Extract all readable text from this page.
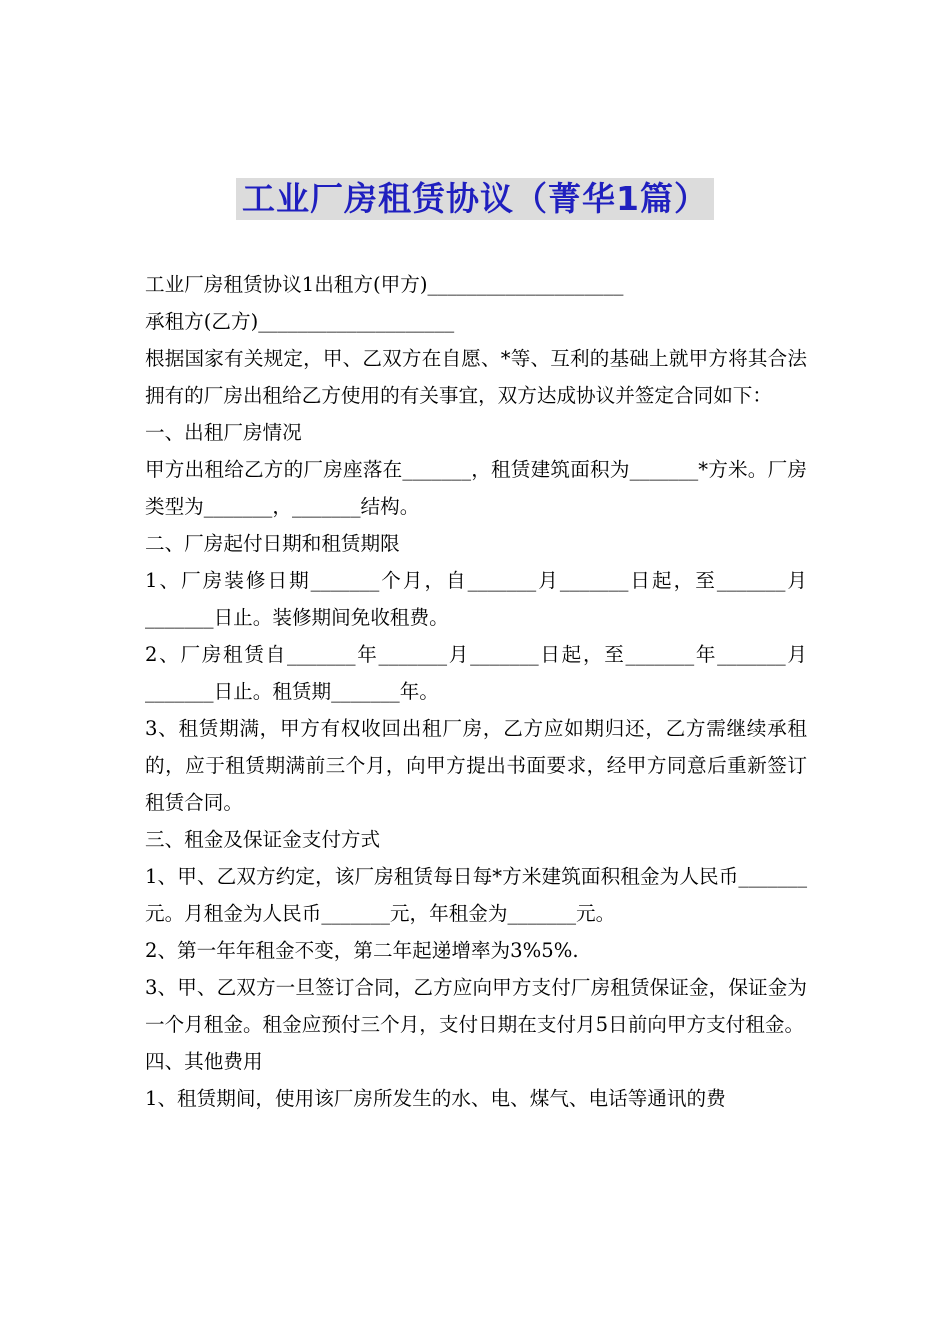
工业厂房租赁协议（菁华1篇）

工业厂房租赁协议1出租方(甲方)____________________

承租方(乙方)____________________

根据国家有关规定，甲、乙双方在自愿、*等、互利的基础上就甲方将其合法拥有的厂房出租给乙方使用的有关事宜，双方达成协议并签定合同如下：

一、出租厂房情况

甲方出租给乙方的厂房座落在_______，租赁建筑面积为_______*方米。厂房类型为_______，_______结构。

二、厂房起付日期和租赁期限

1、厂房装修日期_______个月，自_______月_______日起，至_______月_______日止。装修期间免收租费。

2、厂房租赁自_______年_______月_______日起，至_______年_______月_______日止。租赁期_______年。

3、租赁期满，甲方有权收回出租厂房，乙方应如期归还，乙方需继续承租的，应于租赁期满前三个月，向甲方提出书面要求，经甲方同意后重新签订租赁合同。

三、租金及保证金支付方式

1、甲、乙双方约定，该厂房租赁每日每*方米建筑面积租金为人民币_______元。月租金为人民币_______元，年租金为_______元。

2、第一年年租金不变，第二年起递增率为3%5%.

3、甲、乙双方一旦签订合同，乙方应向甲方支付厂房租赁保证金，保证金为一个月租金。租金应预付三个月，支付日期在支付月5日前向甲方支付租金。

四、其他费用

1、租赁期间，使用该厂房所发生的水、电、煤气、电话等通讯的费
